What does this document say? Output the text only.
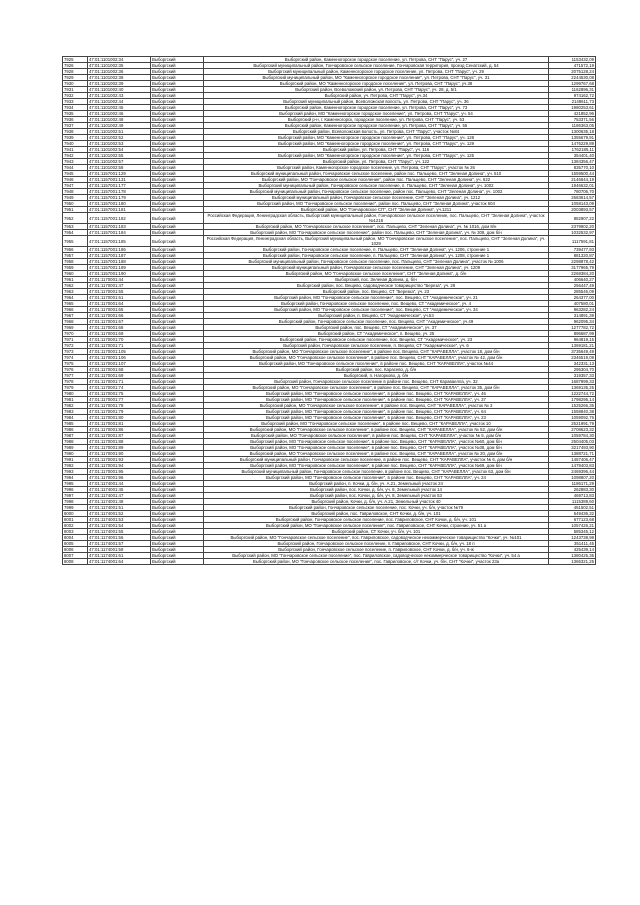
7925	47:01:1101002:34	Выборгский	Выборгский район, Каменногорское городское поселение, ул. Петрова, СНТ "Парус", уч. 27	1153432,09
7926	47:01:1101002:35	Выборгский	Выборгский муниципальный район, Гончаровское сельское поселение, Гончаровская территория, проезд Сенатский, д. 54	471572,19
7928	47:01:1101002:36	Выборгский	Выборгский муниципальный район, Каменногорское городское поселение, ул. Петрова, СНТ "Парус", уч. 29	2075128,24
7929	47:01:1101002:38	Выборгский	Выборгский муниципальный район, МО "Каменногорское городское поселение", ул. Петрова, СНТ "Парус", уч. 31	2244530,08
7930	47:01:1101002:39	Выборгский	Выборгский район, МО "Каменногорское городское поселение", ул. Петрова, СНТ "Парус", уч.38	1299767,68
7931	47:01:1101002:40	Выборгский	Выборгский район, Всеволожский район, ул. Петрова, СНТ "Парус", уч. 28, д. 5/1	1162896,31
7932	47:01:1101002:43	Выборгский	Выборгский район, уч. Петрова, СНТ "Парус", уч.34	974162,72
7933	47:01:1101002:44	Выборгский	Выборгский муниципальный район, Всеволожская волость, ул. Петрова, СНТ "Парус", уч. 36	2148611,73
7934	47:01:1101002:45	Выборгский	Выборгский район, Каменногорское городское поселение, ул. Петрова, СНТ "Парус", уч. 73	1980253,61
7935	47:01:1101002:46	Выборгский	Выборгский район, МО "Каменногорское городское поселение", ул. Петрова, СНТ "Парус", уч. 54	421852,96
7936	47:01:1101002:48	Выборгский	Выборгский р-н, г. Каменногорск, городское поселение, ул. Петрова, СНТ "Парус", уч. 53	753371,56
7937	47:01:1101002:49	Выборгский	Выборгский район, Каменногорское городское поселение, ул. Петрова, СНТ "Парус", уч. 55	1186363,05
7938	47:01:1101002:51	Выборгский	Выборгский район, Всеволожская волость, ул. Петрова, СНТ "Парус", участок №84	1300635,18
7939	47:01:1101002:52	Выборгский	Выборгский район, МО "Каменногорское городское поселение", ул. Петрова, СНТ "Парус", уч. 128	1355679,91
7940	47:01:1101002:53	Выборгский	Выборгский район, МО "Каменногорское городское поселение", ул. Петрова, СНТ "Парус", уч. 129	1476229,89
7941	47:01:1101002:54	Выборгский	Выборгский район, ул. Петрова, СНТ "Парус", уч. 116	1762185,11
7942	47:01:1101002:55	Выборгский	Выборгский район, МО "Каменногорское городское поселение", ул. Петрова, СНТ "Парус", уч. 125	354401,40
7943	47:01:1101002:57	Выборгский	Выборгский район, ул. Петрова, СНТ "Парус", уч. 122	1384356,47
7944	47:01:1101002:58	Выборгский	Выборгский район, Каменногорское городское поселение, ул. Петрова, СНТ "Парус", участок № 26	835770,10
7945	47:01:1157001:129	Выборгский	Выборгский муниципальный район, Гончаровское сельское поселение, район пос. Пальцево, СНТ "Зеленая Долина", уч. 510	1559500,44
7946	47:01:1157001:131	Выборгский	Выборгский район, МО "Гончаровское сельское поселение", район пос. Пальцево, СНТ "Зеленая Долина", уч. 622	2146644,19
7947	47:01:1157001:177	Выборгский	Выборгский муниципальный район, Гончаровское сельское поселение, п. Пальцево, СНТ "Зеленая Долина", уч. 1002	1946632,01
7948	47:01:1157001:178	Выборгский	Выборгский муниципальный район, Гончаровское сельское поселение, район пос. Пальцево, СНТ "Зеленая Долина", уч. 1002	780706,70
7949	47:01:1157001:179	Выборгский	Выборгский муниципальный район, Гончаровское сельское поселение, СНТ "Зеленая Долина", уч. 1212	2683614,57
7950	47:01:1157001:180	Выборгский	Выборгский район, МО "Гончаровское сельское поселение", район пос. Пальцево, СНТ "Зеленая Долина", участок 604	1058143,09
7951	47:01:1157001:181	Выборгский	Выборгский район, МО "Гончаровское СП", СНТ "Зеленая Долина", уч.1211	2003893,57
7952	47:01:1157001:182	Выборгский	Российская Федерация, Ленинградская область, Выборгский муниципальный район, Гончаровское сельское поселение, пос. Пальцево, СНТ "Зеленая Долина", участок №1218	882907,22
7953	47:01:1157001:183	Выборгский	Выборгский район, МО "Гончаровское сельское поселение", пос. Пальцево, СНТ "Зеленая Долина", уч. № 1016, дом 8/н	2379902,20
7954	47:01:1157001:184	Выборгский	Выборгский район, МО "Гончаровское сельское поселение", район пос. Пальцево, СНТ "Зеленая Долина", уч. № 309, дом б/н	1032532,97
7955	47:01:1157001:185	Выборгский	Российская Федерация, Ленинградская область, Выборгский муниципальный район, МО "Гончаровское сельское поселение", пос. Пальцево, СНТ "Зеленая Долина", уч. 1029	1117591,81
7956	47:01:1157001:186	Выборгский	Выборгский район, Гончаровское сельское поселение, п. Пальцево, СНТ "Зеленая Долина", уч. 1206, строение 1	739477,93
7957	47:01:1157001:187	Выборгский	Выборгский район, Гончаровское сельское поселение, п. Пальцево, СНТ "Зеленая Долина", уч. 1208, строение 1	881320,87
7958	47:01:1157001:188	Выборгский	Выборгский муниципальный район, Гончаровское сельское поселение, пос. Пальцево, СНТ "Зеленая Долина", участок № 1006	2298878,42
7959	47:01:1157001:189	Выборгский	Выборгский муниципальный район, Гончаровское сельское поселение, СНТ "Зеленая Долина", уч. 1209	3177965,79
7960	47:01:1157001:190	Выборгский	Выборгский район, МО "Гончаровское сельское поселение", СНТ "Зеленая Долина", д. б/н	2268384,20
7961	47:01:1170001:44	Выборгский	Выборгский, пос. Зеленая Долина, д. б/н	406640,27
7962	47:01:1170001:47	Выборгский	Выборгский район, пос. Вещево, садоводческое товарищество "Береза", уч. 29	256447,49
7963	47:01:1170001:55	Выборгский	Выборгский район, пос. Вещево, СТ "Березка", уч. 23	285546,09
7964	47:01:1170001:61	Выборгский	Выборгский район, МО "Гончаровское сельское поселение", пос. Вещево, СТ "Академическое", уч. 21	264377,00
7965	47:01:1170001:64	Выборгский	Выборгский район, Гончаровское сельское поселение, пос. Вещево, СТ "Академическое", уч. 4	407580,01
7966	47:01:1170001:65	Выборгский	Выборгский район, МО "Гончаровское сельское поселение", пос. Вещево, СТ "Академическое", уч. 34	963282,24
7967	47:01:1170001:66	Выборгский	Выборгский район, п. Вещево, СТ "Академическое", уч.53	314891,39
7968	47:01:1170001:67	Выборгский	Выборгский район, Гончаровское сельское поселение, пос. Вещево, СНТ "Академическое", уч.49	962095,34
7969	47:01:1170001:68	Выборгский	Выборгский район, пос. Вещево, СТ "Академическое", уч. 37	1277782,72
7970	47:01:1170001:69	Выборгский	Выборгский район, СТ "Академическое", п. Вещево, уч. 25	896687,99
7971	47:01:1170001:70	Выборгский	Выборгский район, Гончаровское сельское поселение, пос. Вещево, СТ "Академическое", уч. 23	964819,15
7972	47:01:1170001:71	Выборгский	Выборгский район, Гончаровское сельское поселение, п. Вещево, СТ "Академическое", уч. 6	1369181,21
7973	47:01:1170001:105	Выборгский	Выборгский район, МО "Гончаровское сельское поселение", в районе пос. Вещево, СНТ "КАРАВЕЛЛА", участок 18, дом б/н	3735649,49
7974	47:01:1170001:106	Выборгский	Выборгский район, МО "Гончаровское сельское поселение", в районе пос. Вещево, СНТ "КАРАВЕЛЛА", участок № 42, дом б/н	2346519,09
7975	47:01:1170001:107	Выборгский	Выборгский район, МО "Гончаровское сельское поселение", в районе пос. Вещево, СНТ "КАРАВЕЛЛА", участок №44	342331,13
7976	47:01:1170001:68	Выборгский	Выборгский район, пос. Карасево, д. б/н	295304,70
7977	47:01:1170001:69	Выборгский	Выборгский, п. Нагорково, д. б/н	319357,33
7978	47:01:1170001:71	Выборгский	Выборгский район, Гончаровское сельское поселение в районе пос. Вещево, СНТ Караваелла, уч. 32	1687999,33
7979	47:01:1170001:74	Выборгский	Выборгский район, МО "Гончаровское сельское поселение", в районе пос. Вещево, СНТ "КАРАВЕЛЛА", участок 35, дом б/н	1369135,25
7980	47:01:1170001:75	Выборгский	Выборгский район, МО "Гончаровское сельское поселение", в районе пос. Вещево, СНТ "КАРАВЕЛЛА", уч. 46	1222744,72
7981	47:01:1170001:77	Выборгский	Выборгский район, МО "Гончаровское сельское поселение", в районе пос. Вещево, СНТ "КАРАВЕЛЛА", уч. 37	1798295,14
7982	47:01:1170001:78	Выборгский	Выборгский район, МО "Гончаровское сельское поселение", в районе пос. Вещево, СНТ "КАРАВЕЛЛА", участок № 3	1525266,35
7983	47:01:1170001:79	Выборгский	Выборгский район, МО "Гончаровское сельское поселение", в районе пос. Вещево, СНТ "КАРАВЕЛЛА", уч. 64	1558840,38
7984	47:01:1170001:80	Выборгский	Выборгский район, МО "Гончаровское сельское поселение", в районе пос. Вещево, СНТ "КАРАВЕЛЛА", уч. 23	1059092,76
7985	47:01:1170001:81	Выборгский	Выборгский район, МО "Гончаровское сельское поселение", в районе пос. Вещево, СНТ "КАРАВЕЛЛА", участок 10	2521991,79
7986	47:01:1170001:86	Выборгский	Выборгский район, МО "Гончаровское сельское поселение", в районе пос. Вещево, СНТ "КАРАВЕЛЛА", участок № 52, дом б/н	2708623,32
7987	47:01:1170001:87	Выборгский	Выборгский район, МО "Гончаровское сельское поселение", в районе пос. Вещево, СНТ "КАРАВЕЛЛА", участок № 5, дом б/н	1059784,30
7988	47:01:1170001:88	Выборгский	Выборгский район, МО "Гончаровское сельское поселение", в районе пос. Вещево, СНТ "КАРАВЕЛЛА", участок №60, дом б/н	2504405,03
7989	47:01:1170001:89	Выборгский	Выборгский район, МО "Гончаровское сельское поселение", в районе пос. Вещево, СНТ "КАРАВЕЛЛА", участок №38, дом б/н	3217493,90
7990	47:01:1170001:90	Выборгский	Выборгский район, МО "Гончаровское сельское поселение", в районе пос. Вещево, СНТ "КАРАВЕЛЛА", участок № 20, дом б/н	1388721,71
7991	47:01:1170001:93	Выборгский	Выборгский муниципальный район, Гончаровское сельское поселение, в районе пос. Вещево, СНТ "КАРАВЕЛЛА", участок № 6, дом б/н	1457406,47
7992	47:01:1170001:94	Выборгский	Выборгский район, МО "Гончаровское сельское поселение", в районе пос. Вещево, СНТ "КАРАВЕЛЛА", участок №69, дом б/н	1479403,83
7993	47:01:1170001:95	Выборгский	Выборгский муниципальный район, Гончаровское сельское поселение, в районе пос. Вещево, СНТ "КАРАВЕЛЛА", участок 63, дом б/н	2469396,44
7994	47:01:1170001:96	Выборгский	Выборгский район, МО "Гончаровское сельское поселение", в районе пос. Вещево, СНТ "КАРАВЕЛЛА", уч. 24	1098807,20
7995	47:01:1174001:44	Выборгский	Выборгский район, п. Кочки, д. б/н, уч. А.21, Земельный участок 24	1186171,29
7996	47:01:1174001:45	Выборгский	Выборгский район, пос. Кочки, д. б/н, уч. 8, Земельный участок 14	262883,30
7997	47:01:1174001:47	Выборгский	Выборгский район, пос. Кочки, д. б/н, уч. 8, Земельный участок 53	469713,83
7998	47:01:1174001:48	Выборгский	Выборгский район, Кочки, д. б/н, уч. А.21, Земельный участок 40	1115389,60
7999	47:01:1174001:51	Выборгский	Выборгский район, Гончаровское сельское поселение, пос. Кочки, уч. б/н, участок №79	451502,51
8000	47:01:1174001:52	Выборгский	Выборгский район, пос. Гавриловское, СНТ Кочки, д. б/н, уч. 101	549436,32
8001	47:01:1174001:53	Выборгский	Выборгский район, Гончаровское сельское поселение, пос. Гавриловское, СНТ Кочки, д. б/н, уч. 101	677123,68
8002	47:01:1174001:54	Выборгский	Выборгский район, МО "Гончаровское сельское поселение", пос. Гавриловское, СНТ Кочки, строение, уч. 51 а	1057426,21
8003	47:01:1174001:55	Выборгский	Выборгский район, СТ Кочки, уч. б/н, уч. 101	585345,12
8004	47:01:1174001:56	Выборгский	Выборгский район, МО "Гончаровское сельское поселение", пос. Гавриловское, садоводческое некоммерческое товарищество "Кочки", уч. №101	1243738,98
8005	47:01:1174001:57	Выборгский	Выборгский район, Гончаровское сельское поселение, п. Гавриловское, СНТ Кочки, д. б/н, уч. 18 п	351411,45
8006	47:01:1174001:58	Выборгский	Выборгский район, Гончаровское сельское поселение, п. Гавриловское, СНТ Кочки, д. б/н, уч. 6-ж	425439,14
8007	47:01:1174001:61	Выборгский	Выборгский район, МО "Гончаровское сельское поселение", пос. Гавриловское, садоводческое некоммерческое товарищество "Кочки", уч. 54 а	1380425,35
8008	47:01:1174001:64	Выборгский	Выборгский район, МО "Гончаровское сельское поселение", пос. Гавриловское, с/т Кочки, уч. б/н, СНТ "Кочки", участок 23а	1365321,25
